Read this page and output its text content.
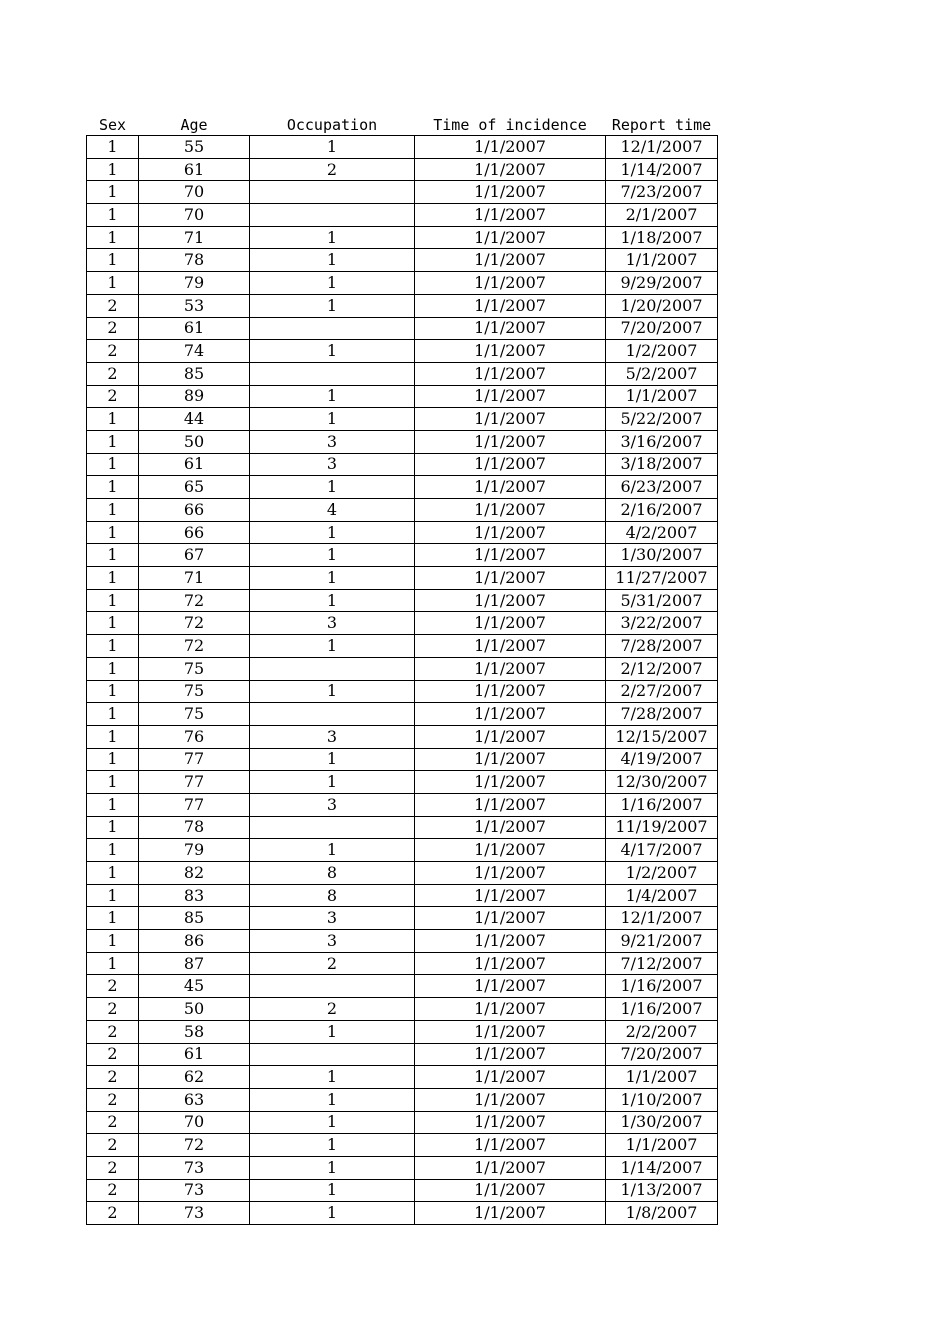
Sex	Age	Occupation	Time of incidence	Report time
1	55	1	1/1/2007	12/1/2007
1	61	2	1/1/2007	1/14/2007
1	70		1/1/2007	7/23/2007
1	70		1/1/2007	2/1/2007
1	71	1	1/1/2007	1/18/2007
1	78	1	1/1/2007	1/1/2007
1	79	1	1/1/2007	9/29/2007
2	53	1	1/1/2007	1/20/2007
2	61		1/1/2007	7/20/2007
2	74	1	1/1/2007	1/2/2007
2	85		1/1/2007	5/2/2007
2	89	1	1/1/2007	1/1/2007
1	44	1	1/1/2007	5/22/2007
1	50	3	1/1/2007	3/16/2007
1	61	3	1/1/2007	3/18/2007
1	65	1	1/1/2007	6/23/2007
1	66	4	1/1/2007	2/16/2007
1	66	1	1/1/2007	4/2/2007
1	67	1	1/1/2007	1/30/2007
1	71	1	1/1/2007	11/27/2007
1	72	1	1/1/2007	5/31/2007
1	72	3	1/1/2007	3/22/2007
1	72	1	1/1/2007	7/28/2007
1	75		1/1/2007	2/12/2007
1	75	1	1/1/2007	2/27/2007
1	75		1/1/2007	7/28/2007
1	76	3	1/1/2007	12/15/2007
1	77	1	1/1/2007	4/19/2007
1	77	1	1/1/2007	12/30/2007
1	77	3	1/1/2007	1/16/2007
1	78		1/1/2007	11/19/2007
1	79	1	1/1/2007	4/17/2007
1	82	8	1/1/2007	1/2/2007
1	83	8	1/1/2007	1/4/2007
1	85	3	1/1/2007	12/1/2007
1	86	3	1/1/2007	9/21/2007
1	87	2	1/1/2007	7/12/2007
2	45		1/1/2007	1/16/2007
2	50	2	1/1/2007	1/16/2007
2	58	1	1/1/2007	2/2/2007
2	61		1/1/2007	7/20/2007
2	62	1	1/1/2007	1/1/2007
2	63	1	1/1/2007	1/10/2007
2	70	1	1/1/2007	1/30/2007
2	72	1	1/1/2007	1/1/2007
2	73	1	1/1/2007	1/14/2007
2	73	1	1/1/2007	1/13/2007
2	73	1	1/1/2007	1/8/2007
